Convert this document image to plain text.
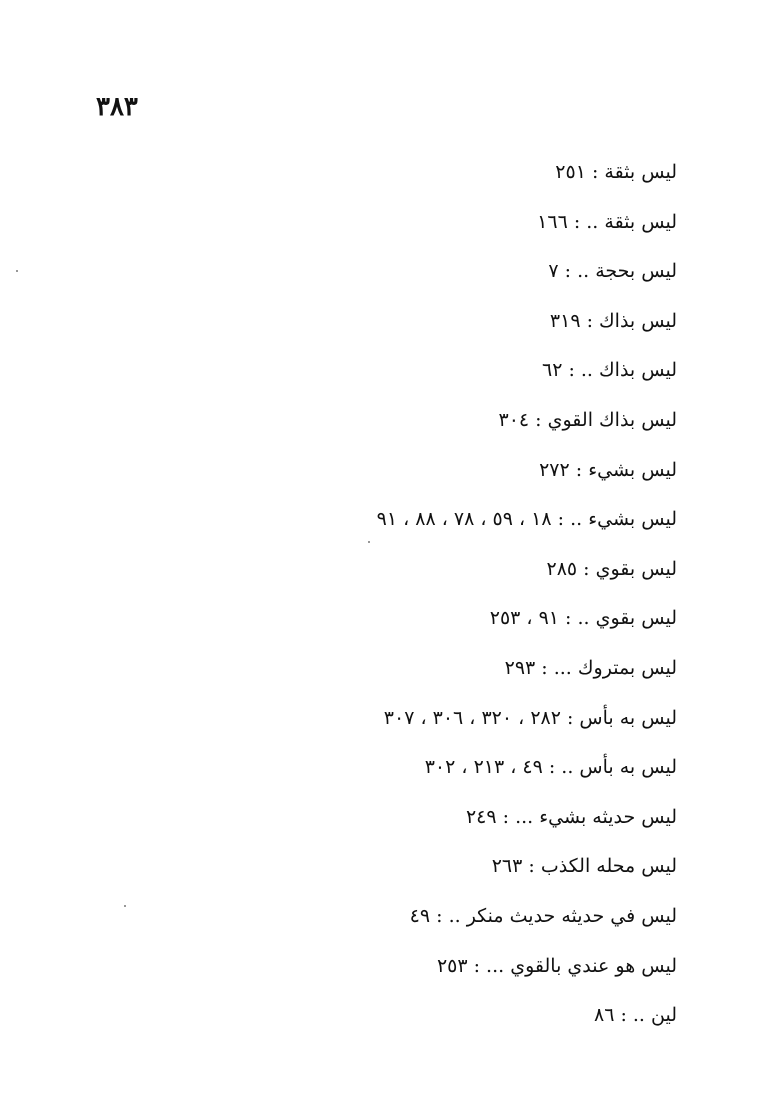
٣٨٣
ليس بثقة : ٢٥١
ليس بثقة .. : ١٦٦
ليس بحجة .. : ٧
ليس بذاك : ٣١٩
ليس بذاك .. : ٦٢
ليس بذاك القوي : ٣٠٤
ليس بشيء : ٢٧٢
ليس بشيء .. : ١٨ ، ٥٩ ، ٧٨ ، ٨٨ ، ٩١
ليس بقوي : ٢٨٥
ليس بقوي .. : ٩١ ، ٢٥٣
ليس بمتروك ... : ٢٩٣
ليس به بأس : ٢٨٢ ، ٣٢٠ ، ٣٠٦ ، ٣٠٧
ليس به بأس .. : ٤٩ ، ٢١٣ ، ٣٠٢
ليس حديثه بشيء ... : ٢٤٩
ليس محله الكذب : ٢٦٣
ليس في حديثه حديث منكر .. : ٤٩
ليس هو عندي بالقوي ... : ٢٥٣
لين .. : ٨٦
